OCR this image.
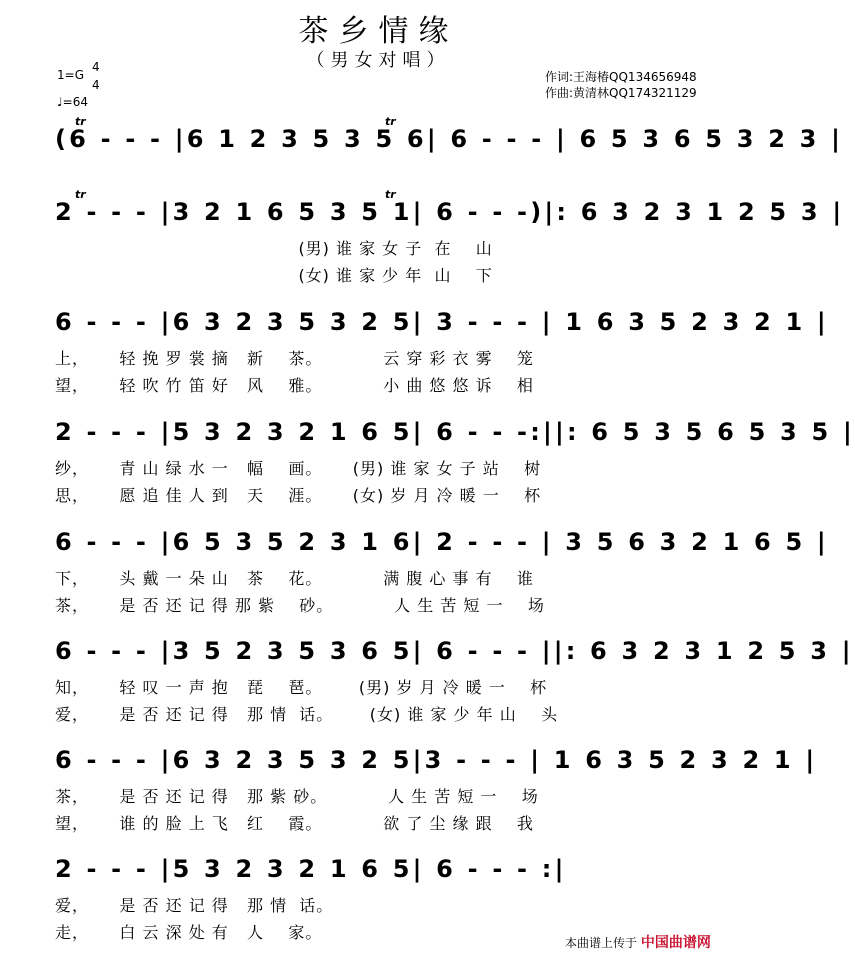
茶乡情缘
（男女对唱）
1=G
4
4
♩=64
作词:王海椿QQ134656948
作曲:黄清林QQ174321129
tr	tr
(6 - - - |6 1 2 3 5 3 5 6| 6 - - - | 6 5 3 6 5 3 2 3 |
tr	tr
2 - - - |3 2 1 6 5 3 5 1| 6 - - -)|: 6 3 2 3 1 2 5 3 |
(男) 谁 家 女 子  在    山
(女) 谁 家 少 年  山    下
6 - - - |6 3 2 3 5 3 2 5| 3 - - - | 1 6 3 5 2 3 2 1 |
上，     轻 挽 罗 裳 摘   新    茶。          云 穿 彩 衣 雾    笼
望，     轻 吹 竹 笛 好   风    雅。          小 曲 悠 悠 诉    相
2 - - - |5 3 2 3 2 1 6 5| 6 - - -:||: 6 5 3 5 6 5 3 5 |
纱，     青 山 绿 水 一   幅    画。     (男) 谁 家 女 子 站    树
思，     愿 追 佳 人 到   天    涯。     (女) 岁 月 冷 暖 一    杯
6 - - - |6 5 3 5 2 3 1 6| 2 - - - | 3 5 6 3 2 1 6 5 |
下，     头 戴 一 朵 山   茶    花。          满 腹 心 事 有    谁
茶，     是 否 还 记 得 那 紫    砂。          人 生 苦 短 一    场
6 - - - |3 5 2 3 5 3 6 5| 6 - - - ||: 6 3 2 3 1 2 5 3 |
知，     轻 叹 一 声 抱   琵    琶。      (男) 岁 月 冷 暖 一    杯
爱，     是 否 还 记 得   那 情  话。      (女) 谁 家 少 年 山    头
6 - - - |6 3 2 3 5 3 2 5|3 - - - | 1 6 3 5 2 3 2 1 |
茶，     是 否 还 记 得   那 紫 砂。          人 生 苦 短 一    场
望，     谁 的 脸 上 飞   红    霞。          欲 了 尘 缘 跟    我
2 - - - |5 3 2 3 2 1 6 5| 6 - - - :|
爱，     是 否 还 记 得   那 情  话。
走，     白 云 深 处 有   人    家。
本曲谱上传于 中国曲谱网
